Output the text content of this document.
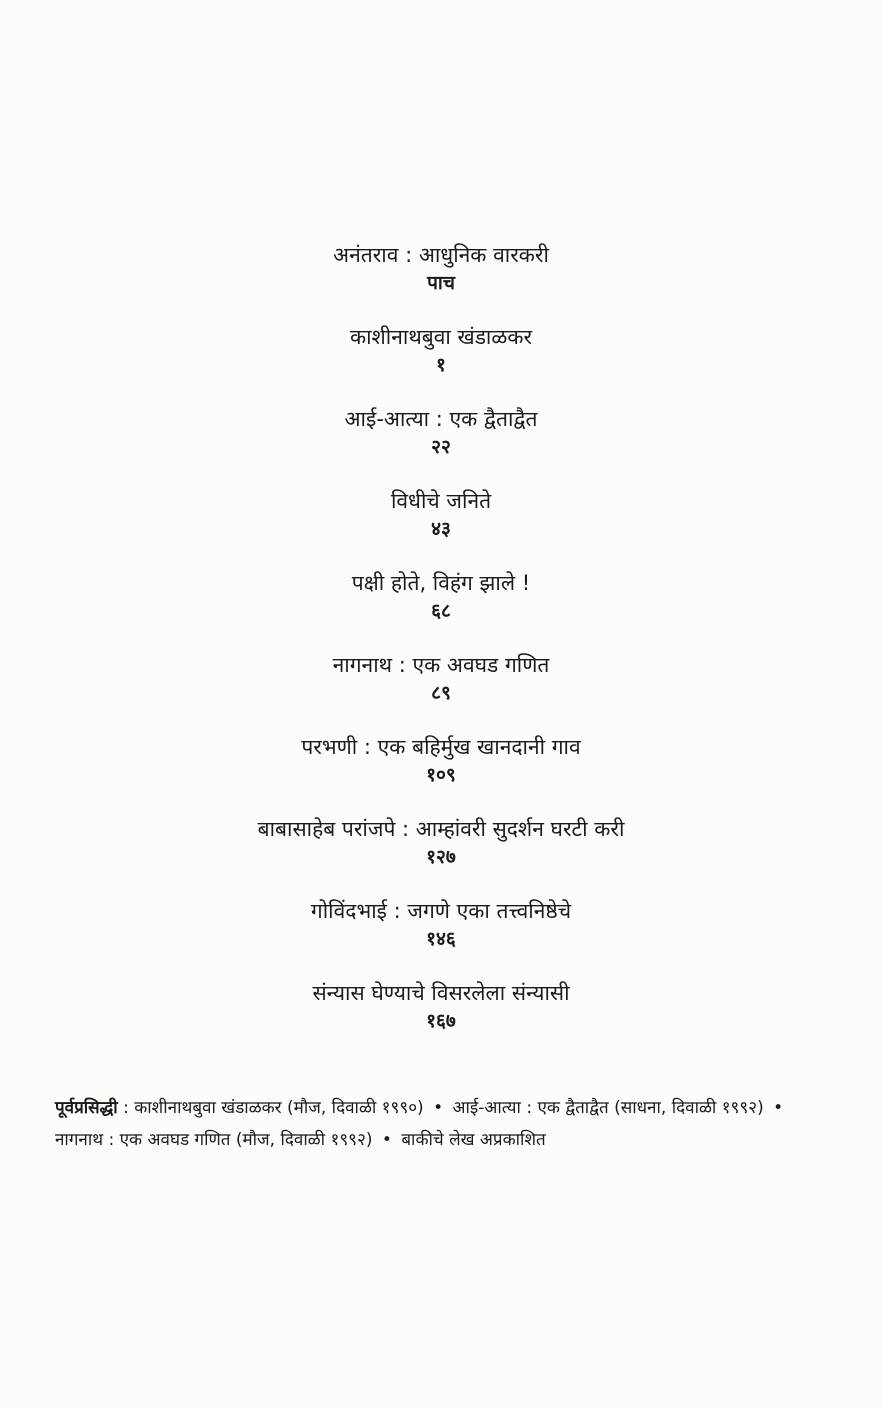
अनंतराव : आधुनिक वारकरी
पाच
काशीनाथबुवा खंडाळकर
१
आई-आत्या : एक द्वैताद्वैत
२२
विधीचे जनिते
४३
पक्षी होते, विहंग झाले !
६८
नागनाथ : एक अवघड गणित
८९
परभणी : एक बहिर्मुख खानदानी गाव
१०९
बाबासाहेब परांजपे : आम्हांवरी सुदर्शन घरटी करी
१२७
गोविंदभाई : जगणे एका तत्त्वनिष्ठेचे
१४६
संन्यास घेण्याचे विसरलेला संन्यासी
१६७
पूर्वप्रसिद्धी : काशीनाथबुवा खंडाळकर (मौज, दिवाळी १९९०) • आई-आत्या : एक द्वैताद्वैत (साधना, दिवाळी १९९२) • नागनाथ : एक अवघड गणित (मौज, दिवाळी १९९२) • बाकीचे लेख अप्रकाशित
